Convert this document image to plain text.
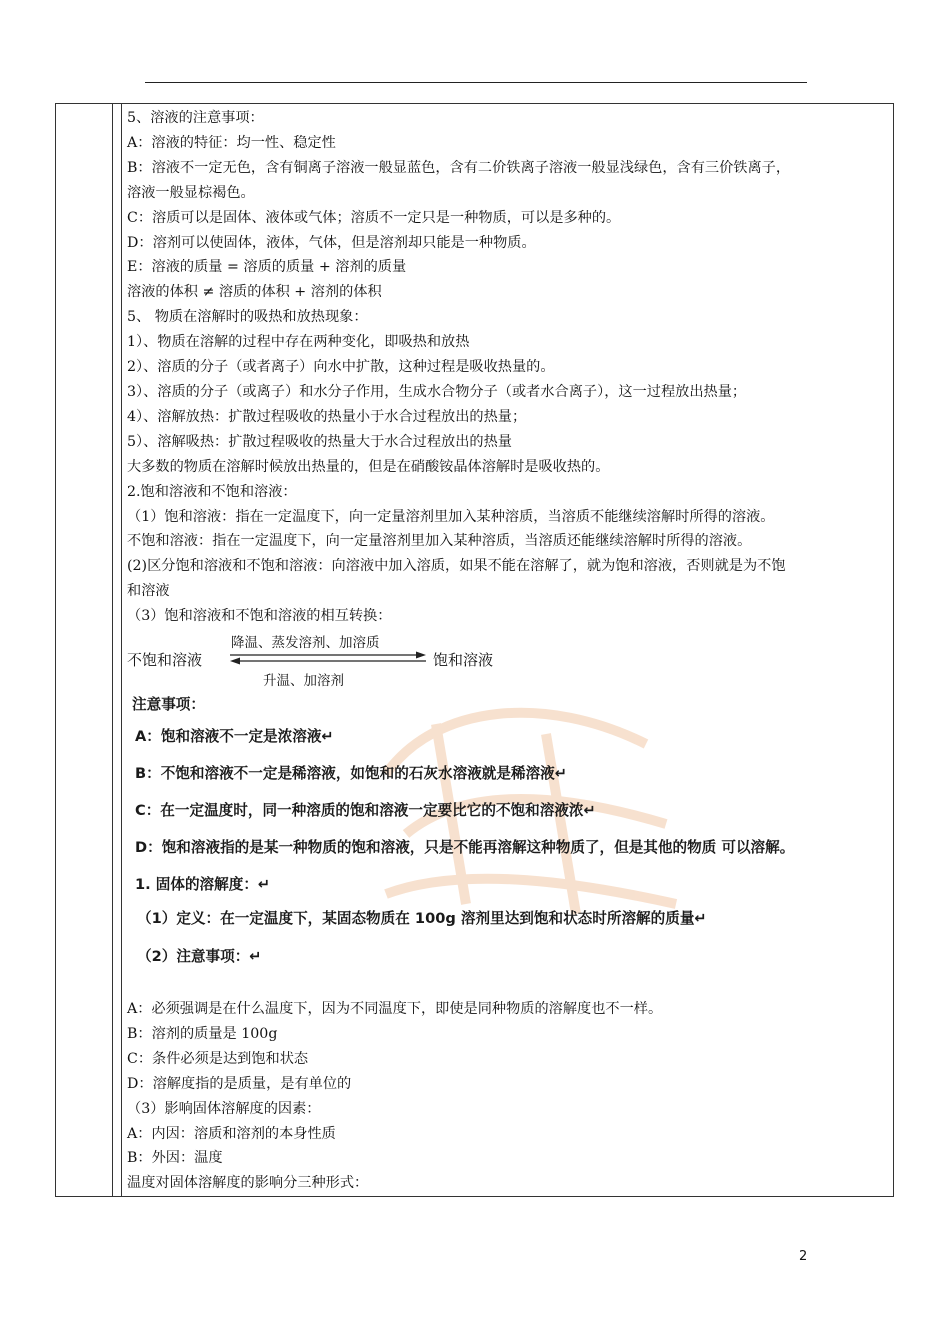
5、溶液的注意事项：

A：溶液的特征：均一性、稳定性

B：溶液不一定无色，含有铜离子溶液一般显蓝色，含有二价铁离子溶液一般显浅绿色，含有三价铁离子，

溶液一般显棕褐色。

C：溶质可以是固体、液体或气体；溶质不一定只是一种物质，可以是多种的。

D：溶剂可以使固体，液体，气体，但是溶剂却只能是一种物质。

E：溶液的质量 = 溶质的质量 + 溶剂的质量

溶液的体积 ≠ 溶质的体积 + 溶剂的体积

5、 物质在溶解时的吸热和放热现象：

1）、物质在溶解的过程中存在两种变化，即吸热和放热

2）、溶质的分子（或者离子）向水中扩散，这种过程是吸收热量的。

3）、溶质的分子（或离子）和水分子作用，生成水合物分子（或者水合离子），这一过程放出热量；

4）、溶解放热：扩散过程吸收的热量小于水合过程放出的热量；

5）、溶解吸热：扩散过程吸收的热量大于水合过程放出的热量

大多数的物质在溶解时候放出热量的，但是在硝酸铵晶体溶解时是吸收热的。

2.饱和溶液和不饱和溶液：

（1）饱和溶液：指在一定温度下，向一定量溶剂里加入某种溶质，当溶质不能继续溶解时所得的溶液。

不饱和溶液：指在一定温度下，向一定量溶剂里加入某种溶质，当溶质还能继续溶解时所得的溶液。

(2)区分饱和溶液和不饱和溶液：向溶液中加入溶质，如果不能在溶解了，就为饱和溶液，否则就是为不饱

和溶液

（3）饱和溶液和不饱和溶液的相互转换：

不饱和溶液
降温、蒸发溶剂、加溶质
饱和溶液
升温、加溶剂

注意事项：

A：饱和溶液不一定是浓溶液↵

B：不饱和溶液不一定是稀溶液，如饱和的石灰水溶液就是稀溶液↵

C：在一定温度时，同一种溶质的饱和溶液一定要比它的不饱和溶液浓↵

D：饱和溶液指的是某一种物质的饱和溶液，只是不能再溶解这种物质了，但是其他的物质 可以溶解。

1. 固体的溶解度：↵

（1）定义：在一定温度下，某固态物质在 100g 溶剂里达到饱和状态时所溶解的质量↵

（2）注意事项：↵

A：必须强调是在什么温度下，因为不同温度下，即使是同种物质的溶解度也不一样。

B：溶剂的质量是 100g

C：条件必须是达到饱和状态

D：溶解度指的是质量，是有单位的

（3）影响固体溶解度的因素：

A：内因：溶质和溶剂的本身性质

B：外因：温度

温度对固体溶解度的影响分三种形式：

2
